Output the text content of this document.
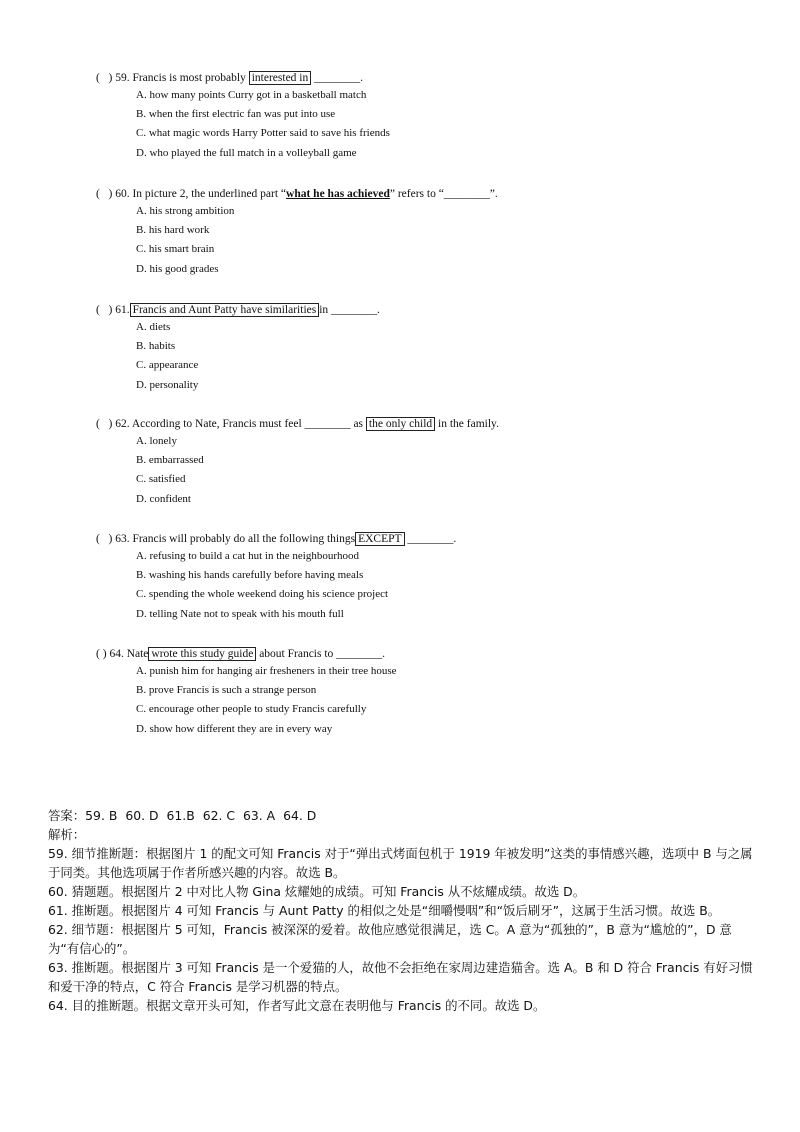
( ) 59. Francis is most probably interested in ________.
A. how many points Curry got in a basketball match
B. when the first electric fan was put into use
C. what magic words Harry Potter said to save his friends
D. who played the full match in a volleyball game
( ) 60. In picture 2, the underlined part “what he has achieved” refers to “________”.
A. his strong ambition
B. his hard work
C. his smart brain
D. his good grades
( ) 61. Francis and Aunt Patty have similarities in ________.
A. diets
B. habits
C. appearance
D. personality
( ) 62. According to Nate, Francis must feel ________ as the only child in the family.
A. lonely
B. embarrassed
C. satisfied
D. confident
( ) 63. Francis will probably do all the following things EXCEPT ________.
A. refusing to build a cat hut in the neighbourhood
B. washing his hands carefully before having meals
C. spending the whole weekend doing his science project
D. telling Nate not to speak with his mouth full
( ) 64. Nate wrote this study guide about Francis to ________.
A. punish him for hanging air fresheners in their tree house
B. prove Francis is such a strange person
C. encourage other people to study Francis carefully
D. show how different they are in every way

答案：59. B 60. D 61.B 62. C 63. A 64. D

解析：

59. 细节推断题：根据图片 1 的配文可知 Francis 对于“弹出式烤面包机于 1919 年被发明”这类的事情感兴趣，选项中 B 与之属于同类。其他选项属于作者所感兴趣的内容。故选 B。

60. 猜题题。根据图片 2 中对比人物 Gina 炫耀她的成绩。可知 Francis 从不炫耀成绩。故选 D。

61. 推断题。根据图片 4 可知 Francis 与 Aunt Patty 的相似之处是“细嚼慢咽”和“饭后刷牙”，这属于生活习惯。故选 B。

62. 细节题：根据图片 5 可知，Francis 被深深的爱着。故他应感觉很满足，选 C。A 意为“孤独的”，B 意为“尴尬的”，D 意为“有信心的”。

63. 推断题。根据图片 3 可知 Francis 是一个爱猫的人，故他不会拒绝在家周边建造猫舍。选 A。B 和 D 符合 Francis 有好习惯和爱干净的特点，C 符合 Francis 是学习机器的特点。

64. 目的推断题。根据文章开头可知，作者写此文意在表明他与 Francis 的不同。故选 D。
